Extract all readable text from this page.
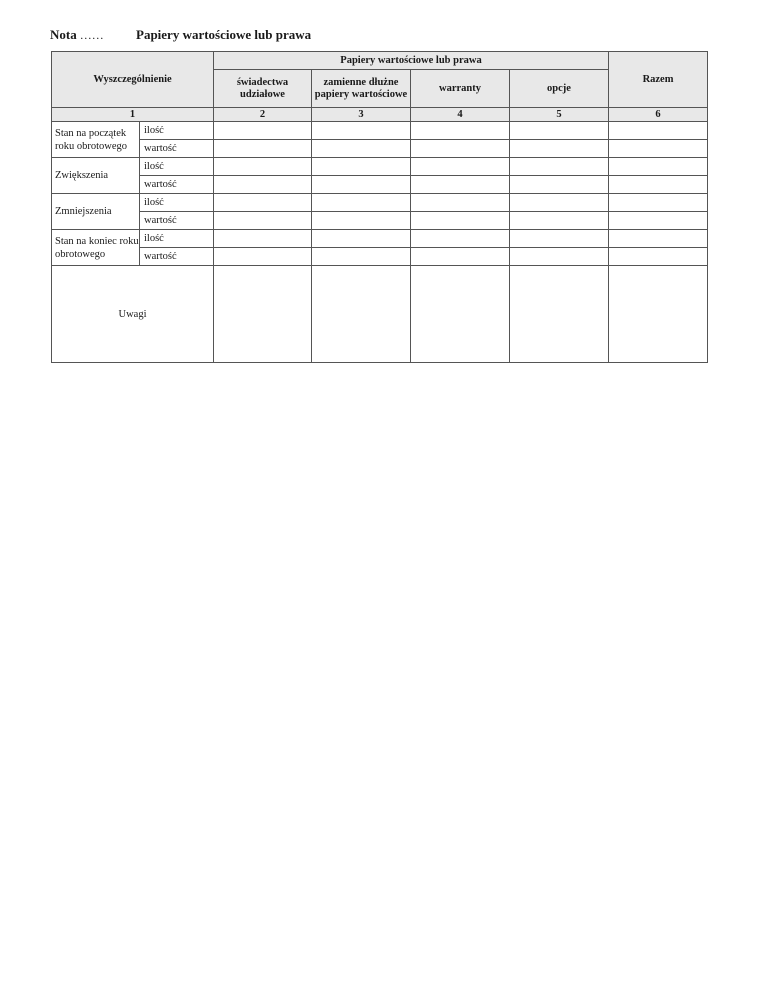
Nota …… Papiery wartościowe lub prawa
Wyszczególnienie		Papiery wartościowe lub prawa				Razem
		świadectwa udziałowe	zamienne dłużne papiery wartościowe	warranty	opcje	
1		2	3	4	5	6
Stan na początek roku obrotowego	ilość					
	wartość					
Zwiększenia	ilość					
	wartość					
Zmniejszenia	ilość					
	wartość					
Stan na koniec roku obrotowego	ilość					
	wartość					
Uwagi						
